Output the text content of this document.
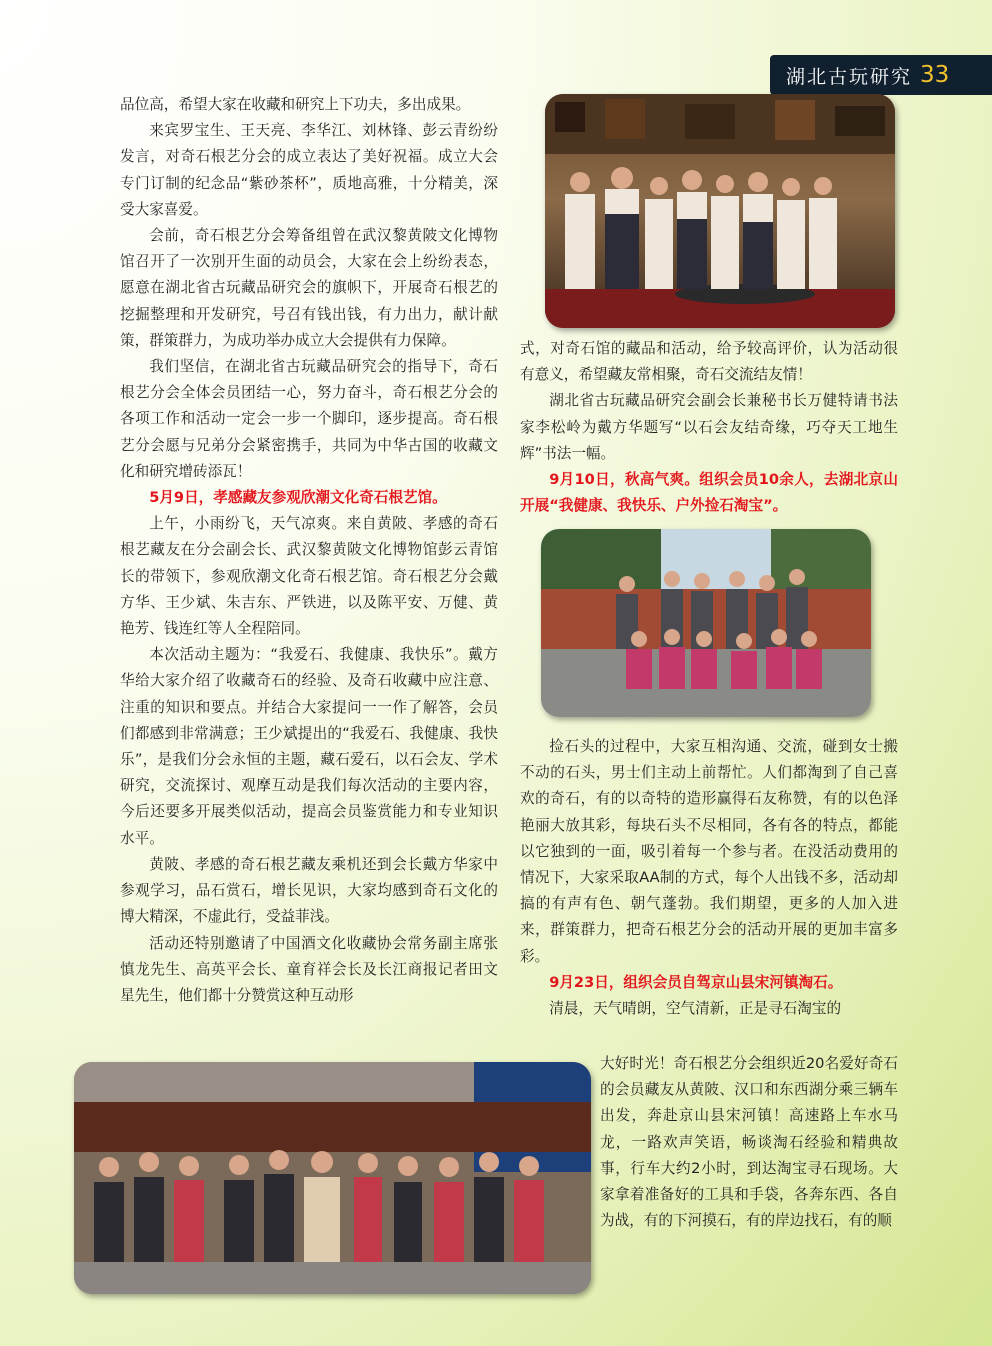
湖北古玩研究 33

品位高，希望大家在收藏和研究上下功夫，多出成果。

来宾罗宝生、王天亮、李华江、刘林锋、彭云青纷纷发言，对奇石根艺分会的成立表达了美好祝福。成立大会专门订制的纪念品“紫砂茶杯”，质地高雅，十分精美，深受大家喜爱。

会前，奇石根艺分会筹备组曾在武汉黎黄陂文化博物馆召开了一次别开生面的动员会，大家在会上纷纷表态，愿意在湖北省古玩藏品研究会的旗帜下，开展奇石根艺的挖掘整理和开发研究，号召有钱出钱，有力出力，献计献策，群策群力，为成功举办成立大会提供有力保障。

我们坚信，在湖北省古玩藏品研究会的指导下，奇石根艺分会全体会员团结一心，努力奋斗，奇石根艺分会的各项工作和活动一定会一步一个脚印，逐步提高。奇石根艺分会愿与兄弟分会紧密携手，共同为中华古国的收藏文化和研究增砖添瓦！

5月9日，孝感藏友参观欣潮文化奇石根艺馆。

上午，小雨纷飞，天气凉爽。来自黄陂、孝感的奇石根艺藏友在分会副会长、武汉黎黄陂文化博物馆彭云青馆长的带领下，参观欣潮文化奇石根艺馆。奇石根艺分会戴方华、王少斌、朱吉东、严铁进，以及陈平安、万健、黄艳芳、钱连红等人全程陪同。

本次活动主题为：“我爱石、我健康、我快乐”。戴方华给大家介绍了收藏奇石的经验、及奇石收藏中应注意、注重的知识和要点。并结合大家提问一一作了解答，会员们都感到非常满意；王少斌提出的“我爱石、我健康、我快乐”，是我们分会永恒的主题，藏石爱石，以石会友、学术研究，交流探讨、观摩互动是我们每次活动的主要内容，今后还要多开展类似活动，提高会员鉴赏能力和专业知识水平。

黄陂、孝感的奇石根艺藏友乘机还到会长戴方华家中参观学习，品石赏石，增长见识，大家均感到奇石文化的博大精深，不虚此行，受益菲浅。

活动还特别邀请了中国酒文化收藏协会常务副主席张慎龙先生、高英平会长、童育祥会长及长江商报记者田文星先生，他们都十分赞赏这种互动形

式，对奇石馆的藏品和活动，给予较高评价，认为活动很有意义，希望藏友常相聚，奇石交流结友情！

湖北省古玩藏品研究会副会长兼秘书长万健特请书法家李松岭为戴方华题写“以石会友结奇缘，巧夺天工地生辉”书法一幅。

9月10日，秋高气爽。组织会员10余人，去湖北京山开展“我健康、我快乐、户外捡石淘宝”。

捡石头的过程中，大家互相沟通、交流，碰到女士搬不动的石头，男士们主动上前帮忙。人们都淘到了自己喜欢的奇石，有的以奇特的造形赢得石友称赞，有的以色泽艳丽大放其彩，每块石头不尽相同，各有各的特点，都能以它独到的一面，吸引着每一个参与者。在没活动费用的情况下，大家采取AA制的方式，每个人出钱不多，活动却搞的有声有色、朝气蓬勃。我们期望，更多的人加入进来，群策群力，把奇石根艺分会的活动开展的更加丰富多彩。

9月23日，组织会员自驾京山县宋河镇淘石。

清晨，天气晴朗，空气清新，正是寻石淘宝的

大好时光！奇石根艺分会组织近20名爱好奇石的会员藏友从黄陂、汉口和东西湖分乘三辆车出发，奔赴京山县宋河镇！高速路上车水马龙，一路欢声笑语，畅谈淘石经验和精典故事，行车大约2小时，到达淘宝寻石现场。大家拿着准备好的工具和手袋，各奔东西、各自为战，有的下河摸石，有的岸边找石，有的顺
